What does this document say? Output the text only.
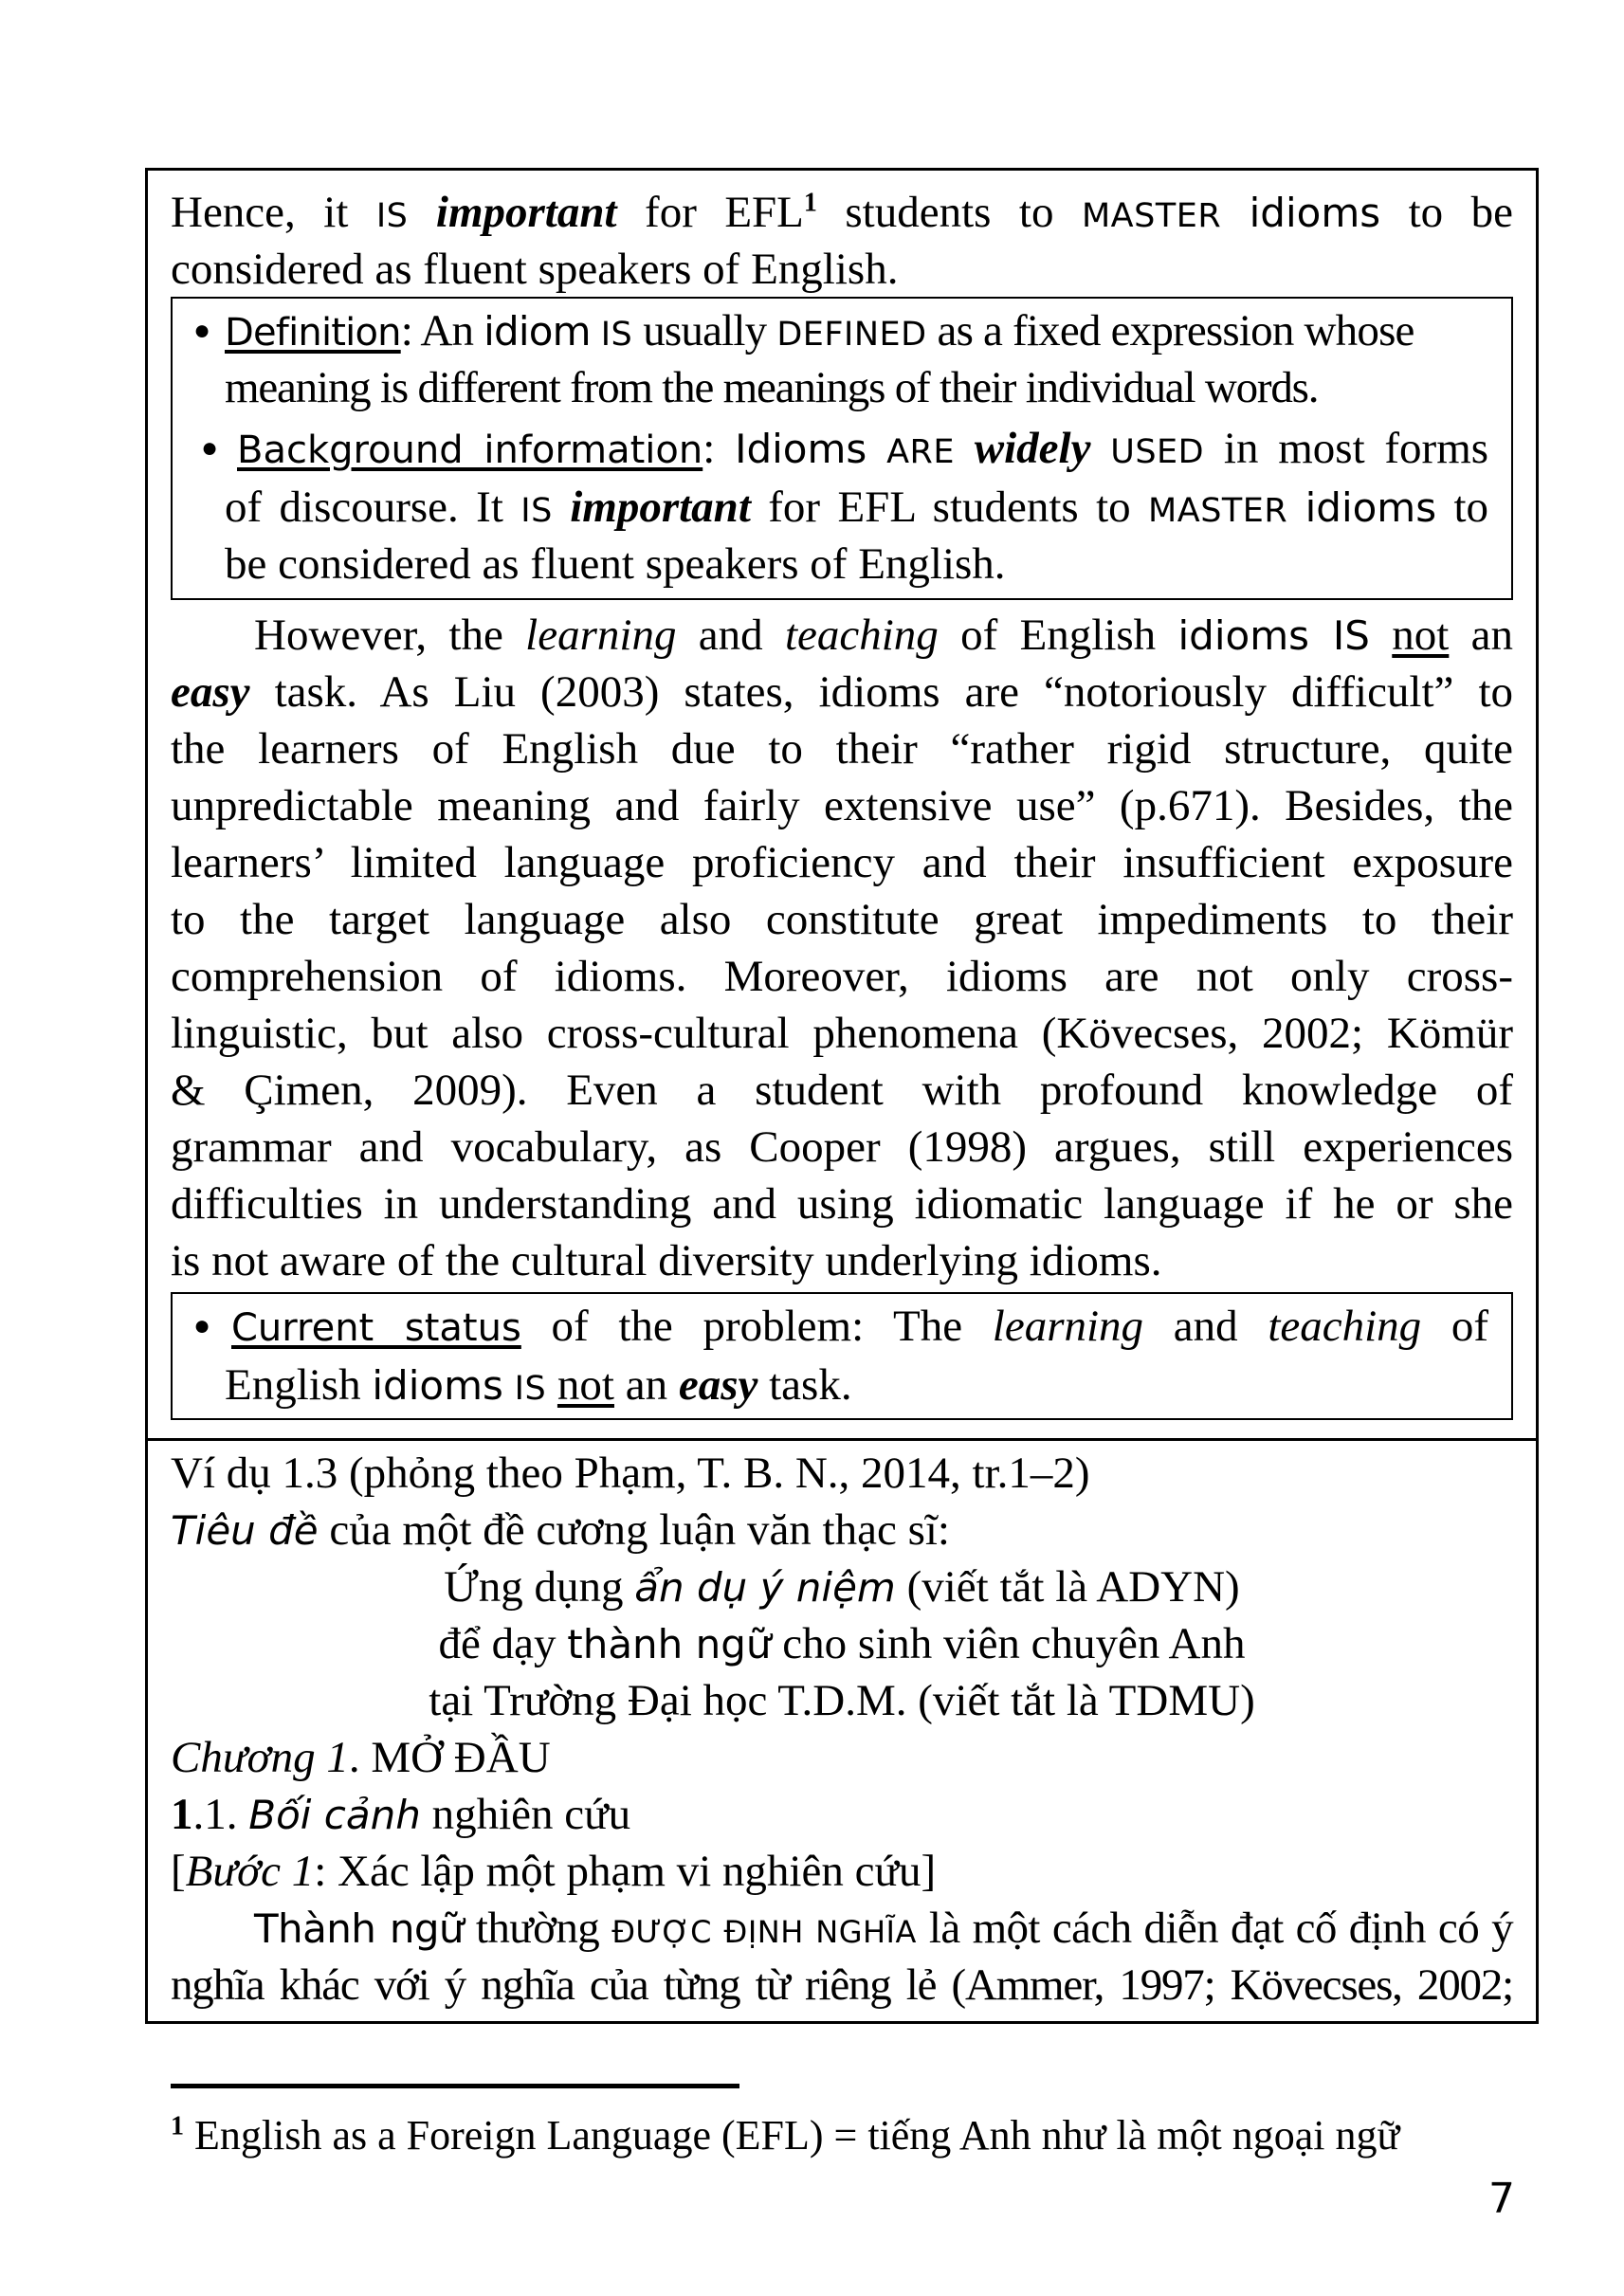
Hence, it IS important for EFL$^1$ students to MASTER idioms to be
considered as fluent speakers of English.
● Definition: An idiom IS usually DEFINED as a fixed expression whose
meaning is different from the meanings of their individual words.
● Background information: Idioms ARE widely USED in most forms
of discourse. It IS important for EFL students to MASTER idioms to
be considered as fluent speakers of English.
However, the learning and teaching of English idioms IS not an
easy task. As Liu (2003) states, idioms are “notoriously difficult” to
the learners of English due to their “rather rigid structure, quite
unpredictable meaning and fairly extensive use” (p.671). Besides, the
learners’ limited language proficiency and their insufficient exposure
to the target language also constitute great impediments to their
comprehension of idioms. Moreover, idioms are not only cross-
linguistic, but also cross-cultural phenomena (Kövecses, 2002; Kömür
& Çimen, 2009). Even a student with profound knowledge of
grammar and vocabulary, as Cooper (1998) argues, still experiences
difficulties in understanding and using idiomatic language if he or she
is not aware of the cultural diversity underlying idioms.
● Current status of the problem: The learning and teaching of
English idioms IS not an easy task.
Ví dụ 1.3 (phỏng theo Phạm, T. B. N., 2014, tr.1–2)
Tiêu đề của một đề cương luận văn thạc sĩ:
Ứng dụng ẩn dụ ý niệm (viết tắt là ADYN)
để dạy thành ngữ cho sinh viên chuyên Anh
tại Trường Đại học T.D.M. (viết tắt là TDMU)
Chương 1. MỞ ĐẦU
1.1. Bối cảnh nghiên cứu
[Bước 1: Xác lập một phạm vi nghiên cứu]
Thành ngữ thường ĐƯỢC ĐỊNH NGHĨA là một cách diễn đạt cố định có ý
nghĩa khác với ý nghĩa của từng từ riêng lẻ (Ammer, 1997; Kövecses, 2002;
$^1$ English as a Foreign Language (EFL) = tiếng Anh như là một ngoại ngữ
7
